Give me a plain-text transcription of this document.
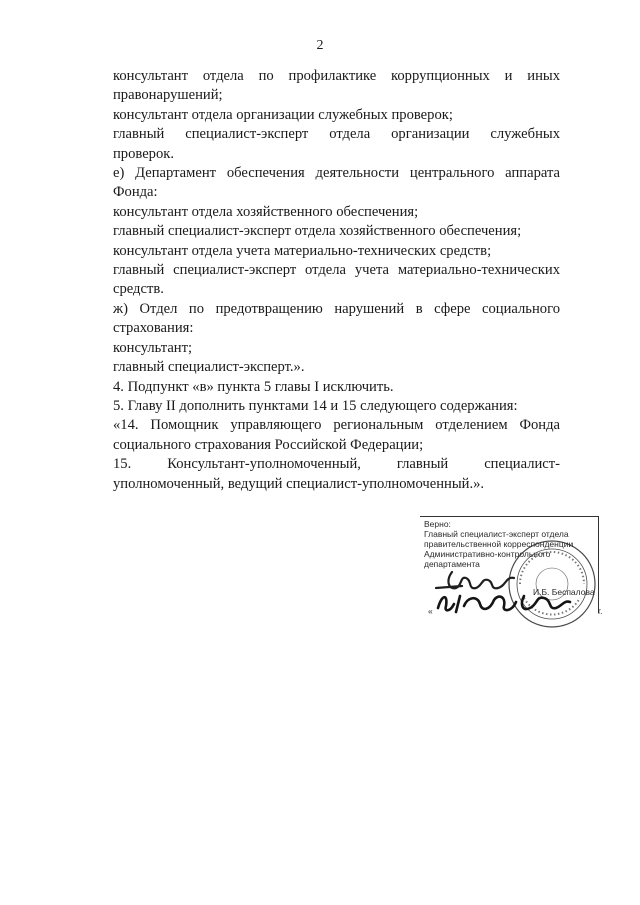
2

консультант отдела по профилактике коррупционных и иных

правонарушений;

консультант отдела организации служебных проверок;

главный специалист-эксперт отдела организации служебных

проверок.

е) Департамент обеспечения деятельности центрального аппарата

Фонда:

консультант отдела хозяйственного обеспечения;

главный специалист-эксперт отдела хозяйственного обеспечения;

консультант отдела учета материально-технических средств;

главный специалист-эксперт отдела учета материально-технических

средств.

ж) Отдел по предотвращению нарушений в сфере социального

страхования:

консультант;

главный специалист-эксперт.».

4. Подпункт «в» пункта 5 главы I исключить.

5. Главу II дополнить пунктами 14 и 15 следующего содержания:

«14. Помощник управляющего региональным отделением Фонда

социального страхования Российской Федерации;

15. Консультант-уполномоченный, главный специалист-

уполномоченный, ведущий специалист-уполномоченный.».

Верно:
Главный специалист-эксперт отдела
правительственной корреспонденции
Административно-контрольного
департамента
И.Б. Беспалова
«	г.
